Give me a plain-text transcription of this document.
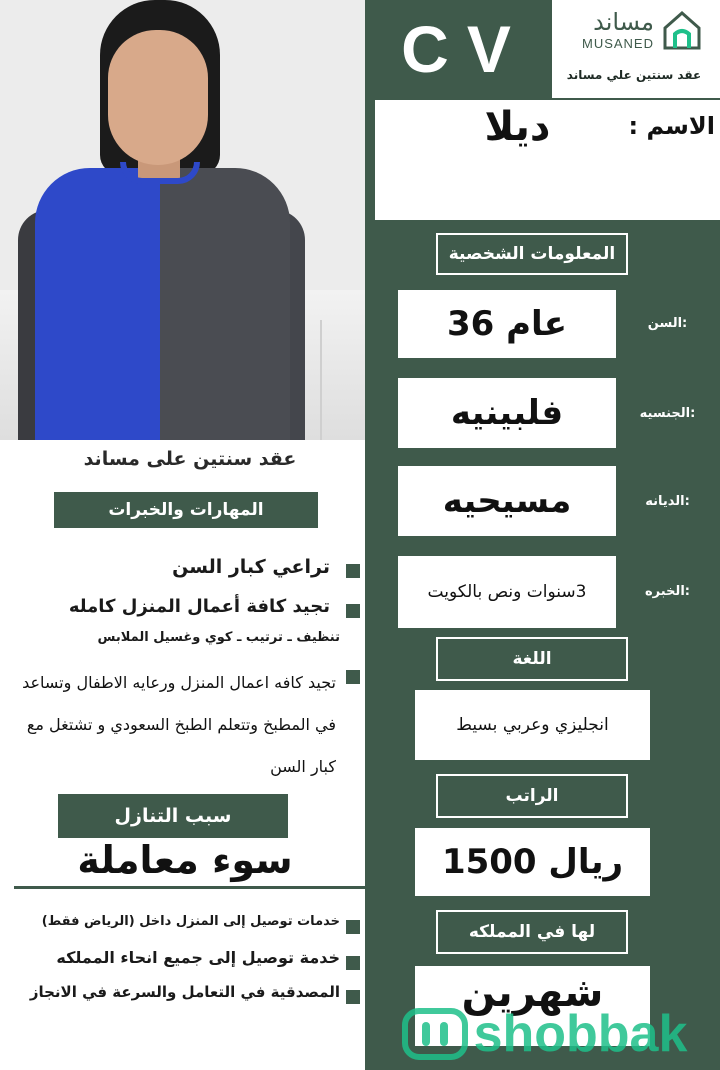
CV	مساند
MUSANED
عقد سنتين علي مساند
الاسم :
ديلا
المعلومات الشخصية
السن:
36 عام
الجنسيه:
فلبينيه
الديانه:
مسيحيه
الخبره:
3سنوات ونص بالكويت
اللغة
انجليزي وعربي بسيط
الراتب
1500 ريال
لها في المملكه
شهرين
عقد سنتين على مساند
المهارات والخبرات
تراعي كبار السن
تجيد كافة أعمال المنزل كامله
تنظيف ـ ترتيب ـ كوي وغسيل الملابس
تجيد كافه اعمال المنزل ورعايه الاطفال وتساعد في المطبخ وتتعلم الطبخ السعودي و تشتغل مع كبار السن
سبب التنازل
سوء معاملة
خدمات توصيل إلى المنزل داخل (الرياض فقط)
خدمة توصيل إلى جميع انحاء المملكه
المصدقية في التعامل والسرعة في الانجاز
shobbak
